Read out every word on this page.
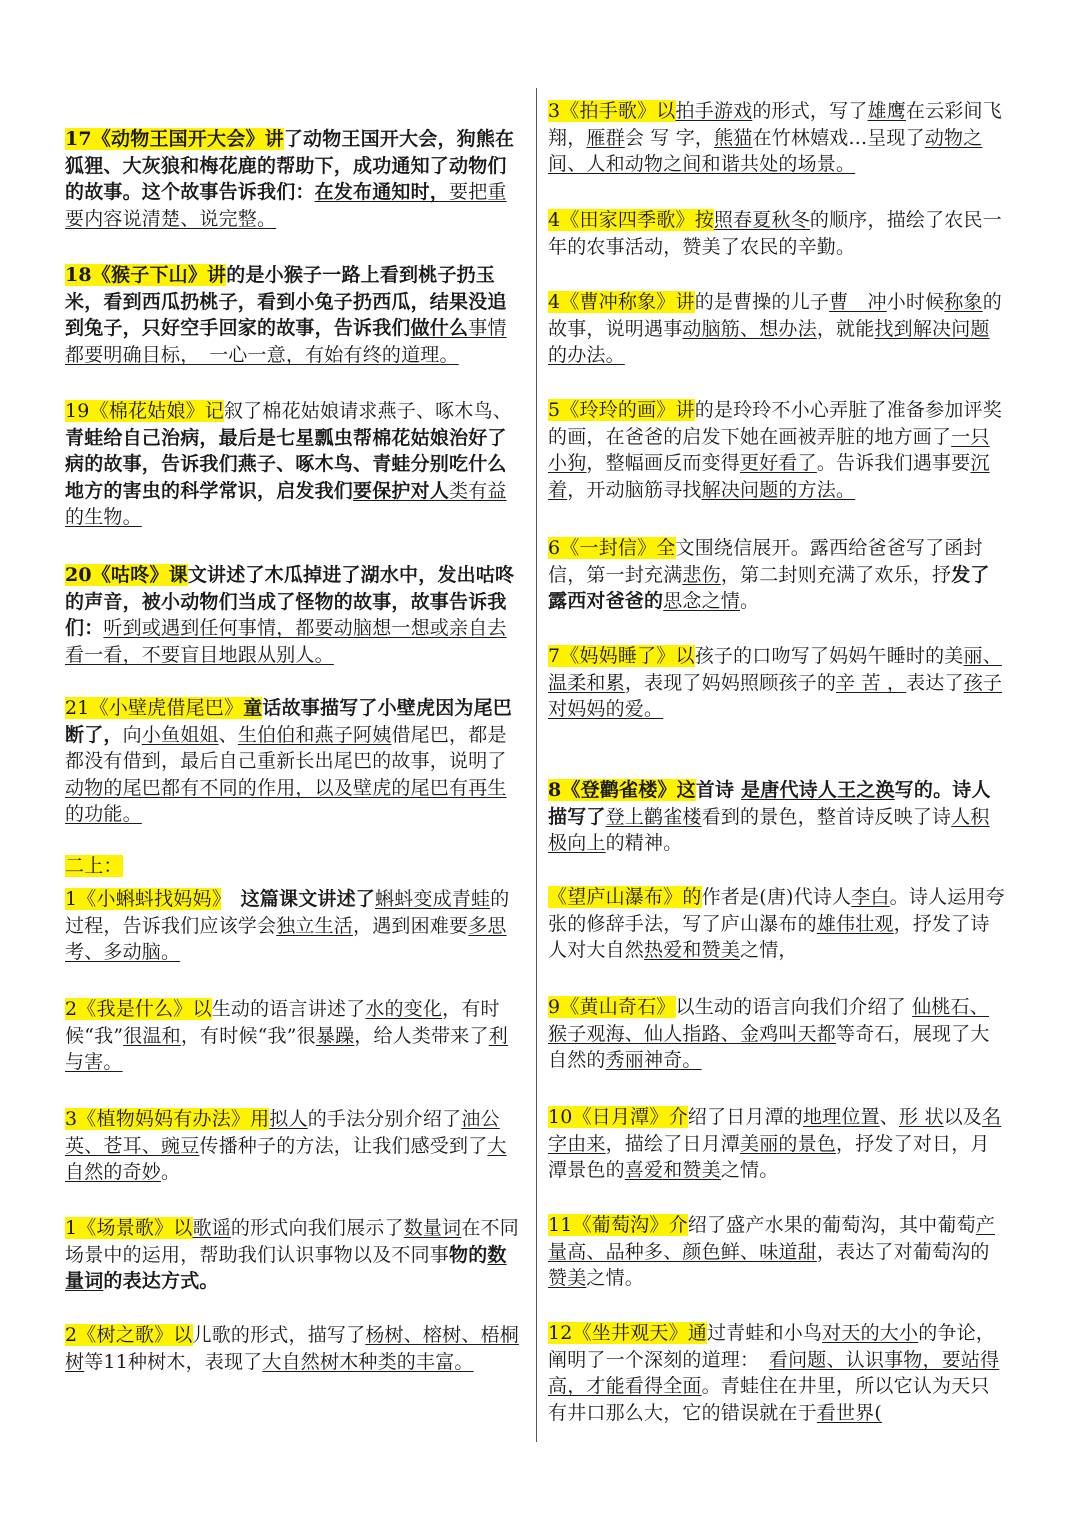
17《动物王国开大会》讲了动物王国开大会，狗熊在狐狸、大灰狼和梅花鹿的帮助下，成功通知了动物们的故事。这个故事告诉我们：在发布通知时，要把重要内容说清楚、说完整。
18《猴子下山》讲的是小猴子一路上看到桃子扔玉米，看到西瓜扔桃子，看到小兔子扔西瓜，结果没追到兔子，只好空手回家的故事，告诉我们做什么事情都要明确目标，　一心一意，有始有终的道理。
19《棉花姑娘》记叙了棉花姑娘请求燕子、啄木鸟、青蛙给自己治病，最后是七星瓢虫帮棉花姑娘治好了病的故事，告诉我们燕子、啄木鸟、青蛙分别吃什么地方的害虫的科学常识，启发我们要保护对人类有益的生物。
20《咕咚》课文讲述了木瓜掉进了湖水中，发出咕咚的声音，被小动物们当成了怪物的故事，故事告诉我们：听到或遇到任何事情，都要动脑想一想或亲自去看一看，不要盲目地跟从别人。
21《小壁虎借尾巴》童话故事描写了小壁虎因为尾巴断了，向小鱼姐姐、生伯伯和燕子阿姨借尾巴，都是都没有借到，最后自己重新长出尾巴的故事，说明了动物的尾巴都有不同的作用，以及壁虎的尾巴有再生的功能。
二上：
1《小蝌蚪找妈妈》　这篇课文讲述了蝌蚪变成青蛙的过程，告诉我们应该学会独立生活，遇到困难要多思考、多动脑。
2《我是什么》以生动的语言讲述了水的变化，有时候“我”很温和，有时候“我”很暴躁，给人类带来了利与害。
3《植物妈妈有办法》用拟人的手法分别介绍了油公英、苍耳、豌豆传播种子的方法，让我们感受到了大自然的奇妙。
1《场景歌》以歌谣的形式向我们展示了数量词在不同场景中的运用，帮助我们认识事物以及不同事物的数量词的表达方式。
2《树之歌》以儿歌的形式，描写了杨树、榕树、梧桐树等11种树木，表现了大自然树木种类的丰富。
3《拍手歌》以拍手游戏的形式，写了雄鹰在云彩间飞翔，雁群会 写 字，熊猫在竹林嬉戏...呈现了动物之间、人和动物之间和谐共处的场景。
4《田家四季歌》按照春夏秋冬的顺序，描绘了农民一年的农事活动，赞美了农民的辛勤。
4《曹冲称象》讲的是曹操的儿子曹　冲小时候称象的故事，说明遇事动脑筋、想办法，就能找到解决问题的办法。
5《玲玲的画》讲的是玲玲不小心弄脏了准备参加评奖的画，在爸爸的启发下她在画被弄脏的地方画了一只小狗，整幅画反而变得更好看了。告诉我们遇事要沉着，开动脑筋寻找解决问题的方法。
6《一封信》全文围绕信展开。露西给爸爸写了函封信，第一封充满悲伤，第二封则充满了欢乐，抒发了露西对爸爸的思念之情。
7《妈妈睡了》以孩子的口吻写了妈妈午睡时的美丽、温柔和累，表现了妈妈照顾孩子的辛 苦 ，表达了孩子对妈妈的爱。
8《登鹳雀楼》这首诗 是唐代诗人王之涣写的。诗人描写了登上鹳雀楼看到的景色，整首诗反映了诗人积极向上的精神。
《望庐山瀑布》的作者是(唐)代诗人李白。诗人运用夸张的修辞手法，写了庐山瀑布的雄伟壮观，抒发了诗人对大自然热爱和赞美之情，
9《黄山奇石》以生动的语言向我们介绍了 仙桃石、猴子观海、仙人指路、金鸡叫天都等奇石，展现了大自然的秀丽神奇。
10《日月潭》介绍了日月潭的地理位置、形 状以及名字由来，描绘了日月潭美丽的景色，抒发了对日，月潭景色的喜爱和赞美之情。
11《葡萄沟》介绍了盛产水果的葡萄沟，其中葡萄产量高、品种多、颜色鲜、味道甜，表达了对葡萄沟的赞美之情。
12《坐井观天》通过青蛙和小鸟对天的大小的争论，阐明了一个深刻的道理：　看问题、认识事物，要站得高，才能看得全面。青蛙住在井里，所以它认为天只有井口那么大，它的错误就在于看世界(
